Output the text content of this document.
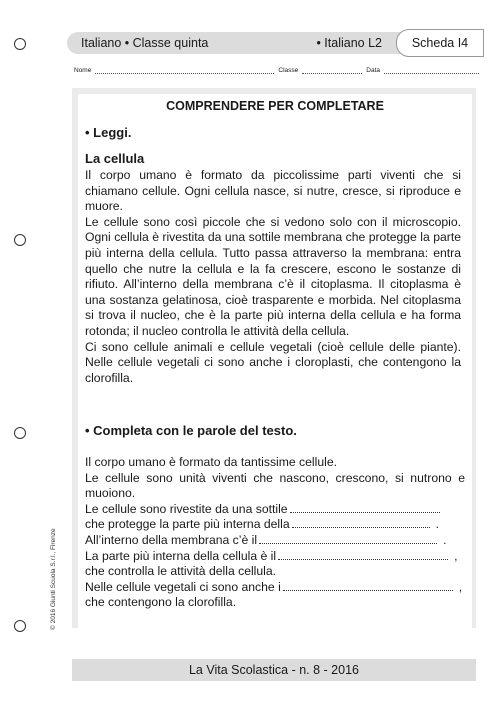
Italiano • Classe quinta	• Italiano L2	Scheda I4
Nome	Classe	Data
COMPRENDERE PER COMPLETARE
• Leggi.
La cellula

Il corpo umano è formato da piccolissime parti viventi che si chiamano cellule. Ogni cellula nasce, si nutre, cresce, si riproduce e muore.

Le cellule sono così piccole che si vedono solo con il microscopio. Ogni cellula è rivestita da una sottile membrana che protegge la parte più interna della cellula. Tutto passa attraverso la membrana: entra quello che nutre la cellula e la fa crescere, escono le sostanze di rifiuto. All’interno della membrana c’è il citoplasma. Il citoplasma è una sostanza gelatinosa, cioè trasparente e morbida. Nel citoplasma si trova il nucleo, che è la parte più interna della cellula e ha forma rotonda; il nucleo controlla le attività della cellula.

Ci sono cellule animali e cellule vegetali (cioè cellule delle piante). Nelle cellule vegetali ci sono anche i cloroplasti, che contengono la clorofilla.

• Completa con le parole del testo.
Il corpo umano è formato da tantissime cellule.
Le cellule sono unità viventi che nascono, crescono, si nutrono e muoiono.
Le cellule sono rivestite da una sottile
che protegge la parte più interna della	.
All’interno della membrana c’è il	.
La parte più interna della cellula è il	,
che controlla le attività della cellula.
Nelle cellule vegetali ci sono anche i	,
che contengono la clorofilla.
© 2016 Giunti Scuola S.r.l., Firenze
La Vita Scolastica - n. 8 - 2016
